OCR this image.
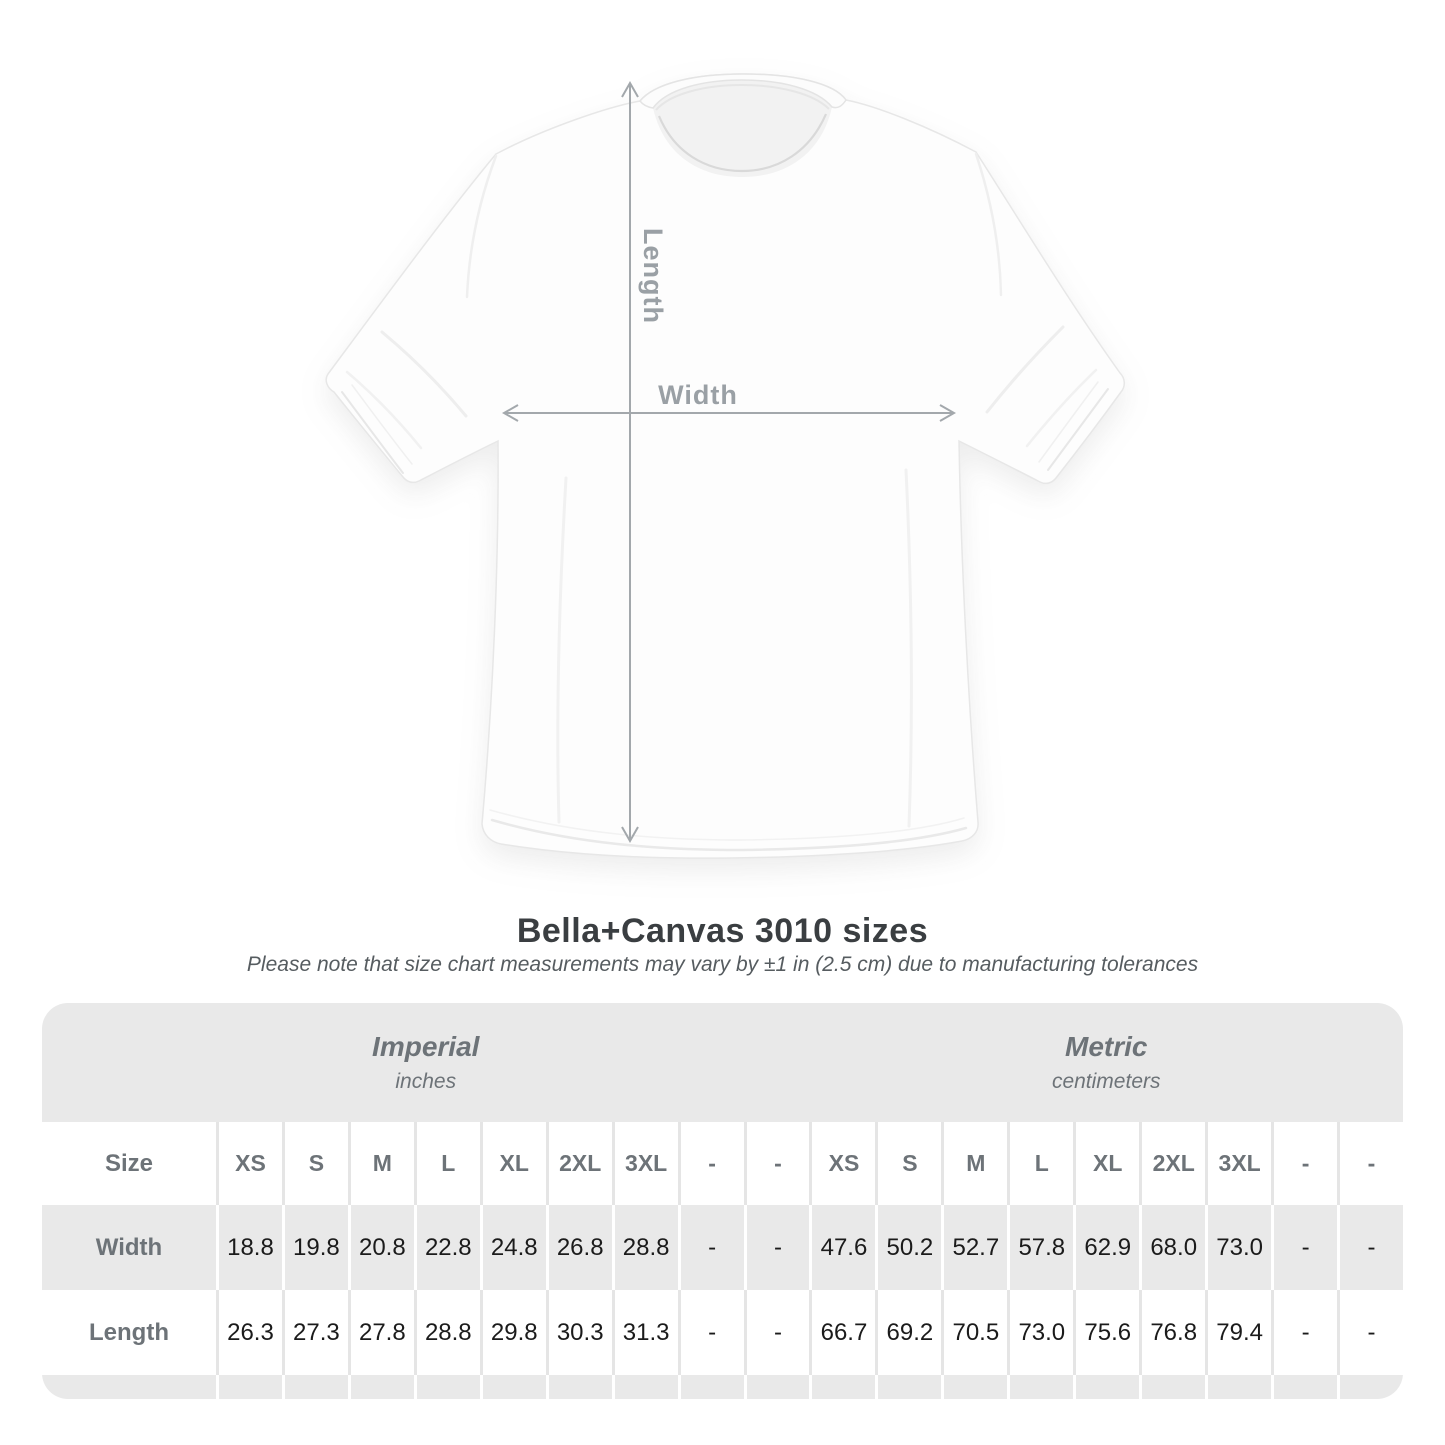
Length
Width
Bella+Canvas 3010 sizes
Please note that size chart measurements may vary by ±1 in (2.5 cm) due to manufacturing tolerances
Imperial
inches
Metric
centimeters
Size	XS	S	M	L	XL	2XL	3XL	-	-	XS	S	M	L	XL	2XL	3XL	-	-
Width	18.8 19.8 20.8 22.8 24.8 26.8 28.8	-	-	47.6 50.2 52.7 57.8 62.9 68.0 73.0	-	-
Length	26.3 27.3 27.8 28.8 29.8 30.3 31.3	-	-	66.7 69.2 70.5 73.0 75.6 76.8 79.4	-	-
